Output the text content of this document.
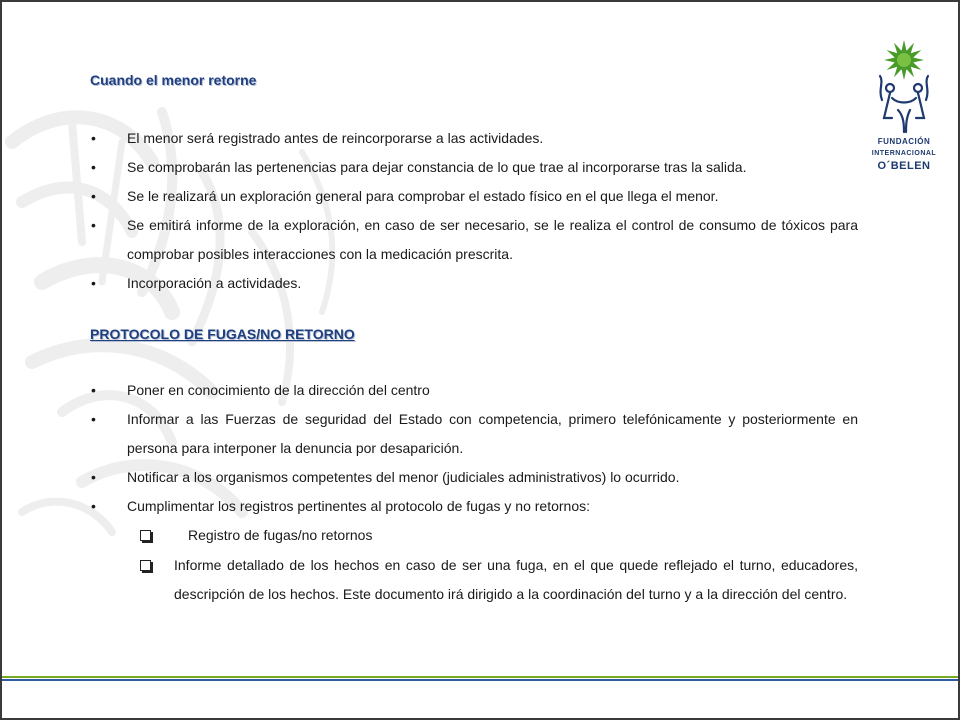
FUNDACIÓN
INTERNACIONAL
O´BELEN
Cuando el menor retorne
• El menor será registrado antes de reincorporarse a las actividades.
• Se comprobarán las pertenencias para dejar constancia de lo que trae al incorporarse tras la salida.
• Se le realizará un exploración general para comprobar el estado físico en el que llega el menor.
• Se emitirá informe de la exploración, en caso de ser necesario, se le realiza el control de consumo de tóxicos para comprobar posibles interacciones con la medicación prescrita.
• Incorporación a actividades.
PROTOCOLO DE FUGAS/NO RETORNO
• Poner en conocimiento de la dirección del centro
• Informar a las Fuerzas de seguridad del Estado con competencia, primero telefónicamente y posteriormente en persona para interponer la denuncia por desaparición.
• Notificar a los organismos competentes del menor (judiciales administrativos) lo ocurrido.
• Cumplimentar los registros pertinentes al protocolo de fugas y no retornos:
Registro de fugas/no retornos
Informe detallado de los hechos en caso de ser una fuga, en el que quede reflejado el turno, educadores, descripción de los hechos. Este documento irá dirigido a la coordinación del turno y a la dirección del centro.
